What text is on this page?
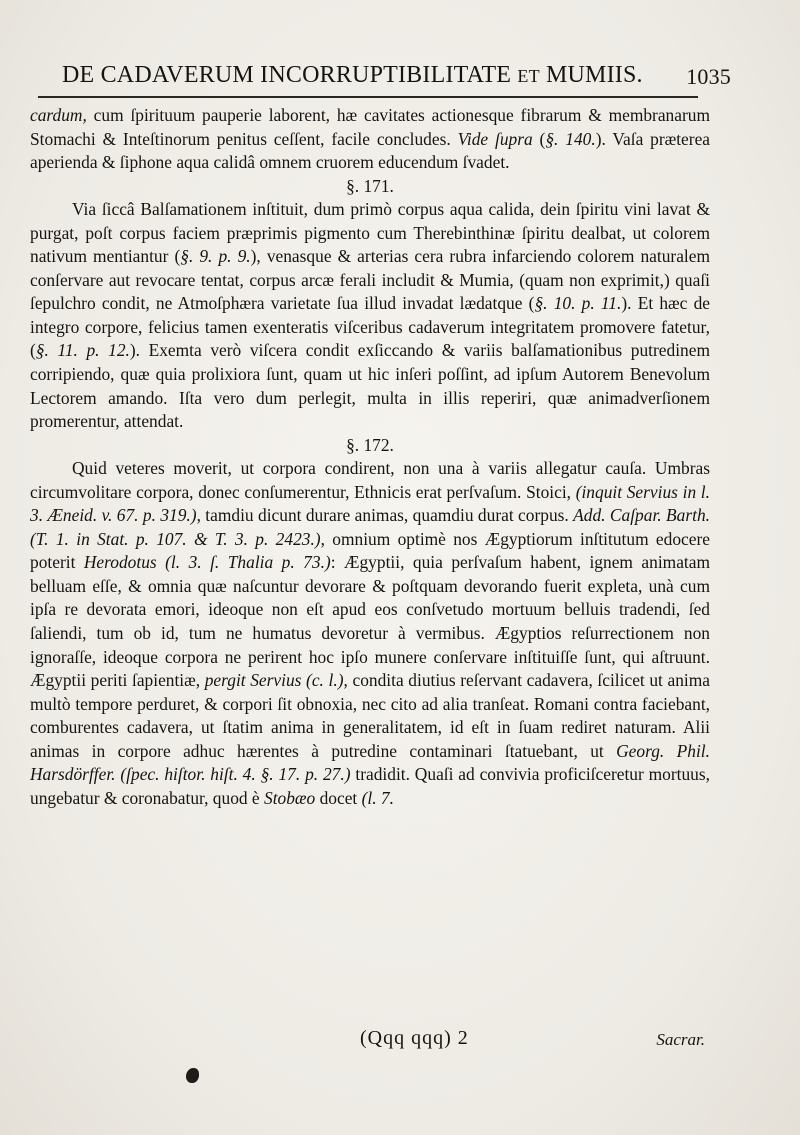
DE CADAVERUM INCORRUPTIBILITATE ET MUMIIS. 1035

cardum, cum ſpirituum pauperie laborent, hæ cavitates actionesque fibrarum & membranarum Stomachi & Inteſtinorum penitus ceſſent, facile concludes. Vide ſupra (§. 140.). Vaſa præterea aperienda & ſiphone aqua calidâ omnem cruorem educendum ſvadet.

§. 171.

Via ſiccâ Balſamationem inſtituit, dum primò corpus aqua calida, dein ſpiritu vini lavat & purgat, poſt corpus faciem præprimis pigmento cum Therebinthinæ ſpiritu dealbat, ut colorem nativum mentiantur (§. 9. p. 9.), venasque & arterias cera rubra infarciendo colorem naturalem conſervare aut revocare tentat, corpus arcæ ferali includit & Mumia, (quam non exprimit,) quaſi ſepulchro condit, ne Atmoſphæra varietate ſua illud invadat lædatque (§. 10. p. 11.). Et hæc de integro corpore, felicius tamen exenteratis viſceribus cadaverum integritatem promovere fatetur, (§. 11. p. 12.). Exemta verò viſcera condit exſiccando & variis balſamationibus putredinem corripiendo, quæ quia prolixiora ſunt, quam ut hic inſeri poſſint, ad ipſum Autorem Benevolum Lectorem amando. Iſta vero dum perlegit, multa in illis reperiri, quæ animadverſionem promerentur, attendat.

§. 172.

Quid veteres moverit, ut corpora condirent, non una à variis allegatur cauſa. Umbras circumvolitare corpora, donec conſumerentur, Ethnicis erat perſvaſum. Stoici, (inquit Servius in l. 3. Æneid. v. 67. p. 319.), tamdiu dicunt durare animas, quamdiu durat corpus. Add. Caſpar. Barth. (T. 1. in Stat. p. 107. & T. 3. p. 2423.), omnium optimè nos Ægyptiorum inſtitutum edocere poterit Herodotus (l. 3. ſ. Thalia p. 73.): Ægyptii, quia perſvaſum habent, ignem animatam belluam eſſe, & omnia quæ naſcuntur devorare & poſtquam devorando fuerit expleta, unà cum ipſa re devorata emori, ideoque non eſt apud eos conſvetudo mortuum belluis tradendi, ſed ſaliendi, tum ob id, tum ne humatus devoretur à vermibus. Ægyptios reſurrectionem non ignoraſſe, ideoque corpora ne perirent hoc ipſo munere conſervare inſtituiſſe ſunt, qui aſtruunt. Ægyptii periti ſapientiæ, pergit Servius (c. l.), condita diutius reſervant cadavera, ſcilicet ut anima multò tempore perduret, & corpori ſit obnoxia, nec cito ad alia tranſeat. Romani contra faciebant, comburentes cadavera, ut ſtatim anima in generalitatem, id eſt in ſuam rediret naturam. Alii animas in corpore adhuc hærentes à putredine contaminari ſtatuebant, ut Georg. Phil. Harsdörffer. (ſpec. hiſtor. hiſt. 4. §. 17. p. 27.) tradidit. Quaſi ad convivia proficiſceretur mortuus, ungebatur & coronabatur, quod è Stobæo docet (l. 7.

(Qqq qqq) 2	Sacrar.
